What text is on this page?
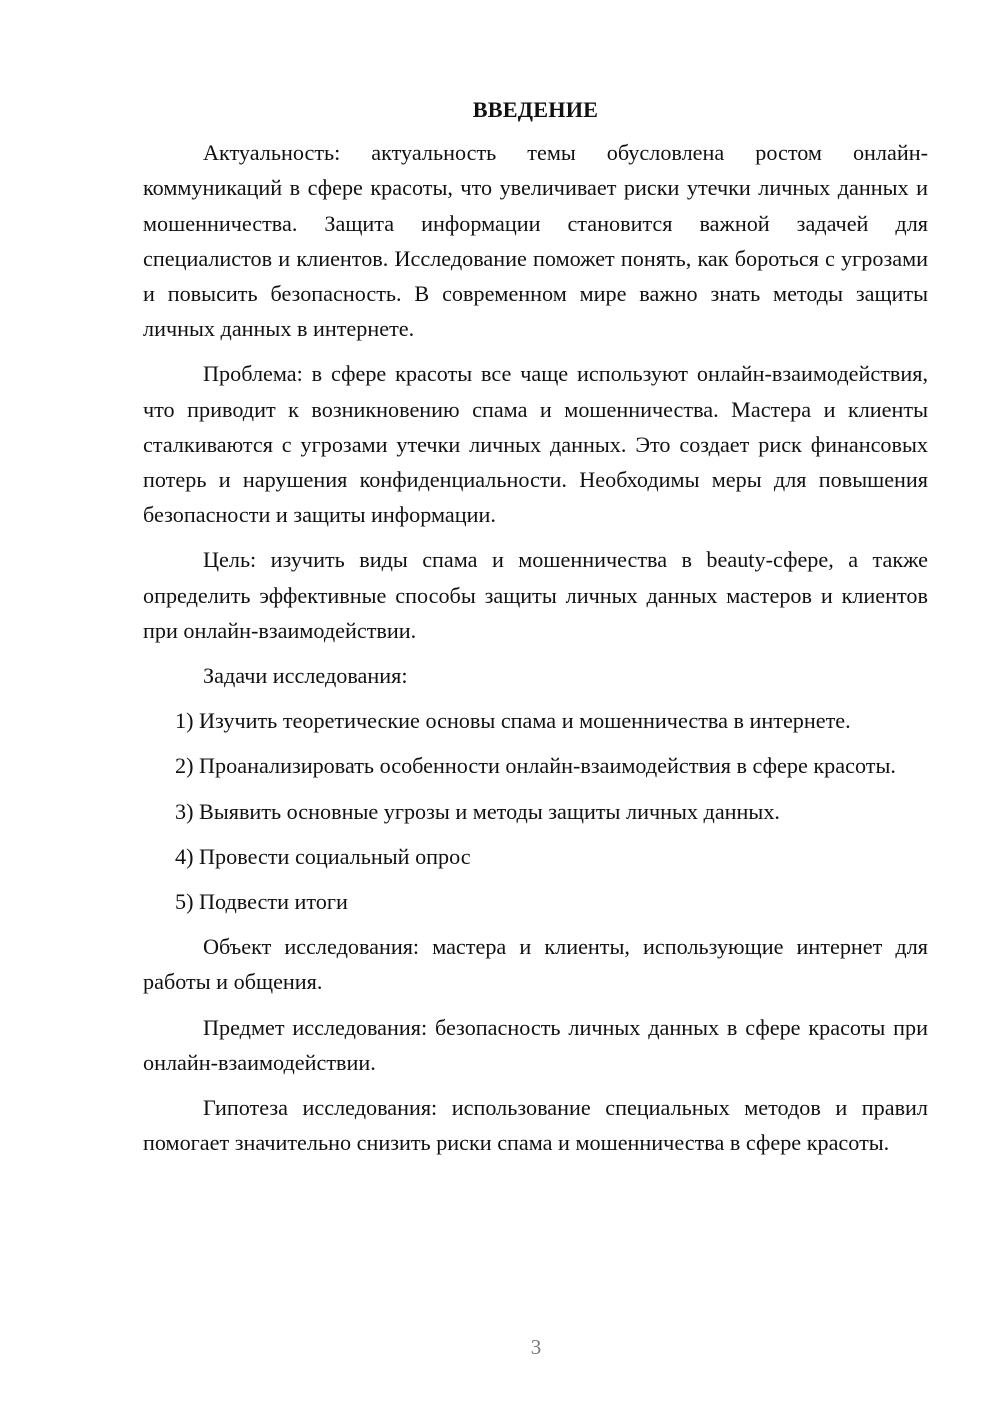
ВВЕДЕНИЕ

Актуальность: актуальность темы обусловлена ростом онлайн-коммуникаций в сфере красоты, что увеличивает риски утечки личных данных и мошенничества. Защита информации становится важной задачей для специалистов и клиентов. Исследование поможет понять, как бороться с угрозами и повысить безопасность. В современном мире важно знать методы защиты личных данных в интернете.

Проблема: в сфере красоты все чаще используют онлайн-взаимодействия, что приводит к возникновению спама и мошенничества. Мастера и клиенты сталкиваются с угрозами утечки личных данных. Это создает риск финансовых потерь и нарушения конфиденциальности. Необходимы меры для повышения безопасности и защиты информации.

Цель: изучить виды спама и мошенничества в beauty-сфере, а также определить эффективные способы защиты личных данных мастеров и клиентов при онлайн-взаимодействии.

Задачи исследования:

1) Изучить теоретические основы спама и мошенничества в интернете.

2) Проанализировать особенности онлайн-взаимодействия в сфере красоты.

3) Выявить основные угрозы и методы защиты личных данных.

4) Провести социальный опрос

5) Подвести итоги

Объект исследования: мастера и клиенты, использующие интернет для работы и общения.

Предмет исследования: безопасность личных данных в сфере красоты при онлайн-взаимодействии.

Гипотеза исследования: использование специальных методов и правил помогает значительно снизить риски спама и мошенничества в сфере красоты.

3
